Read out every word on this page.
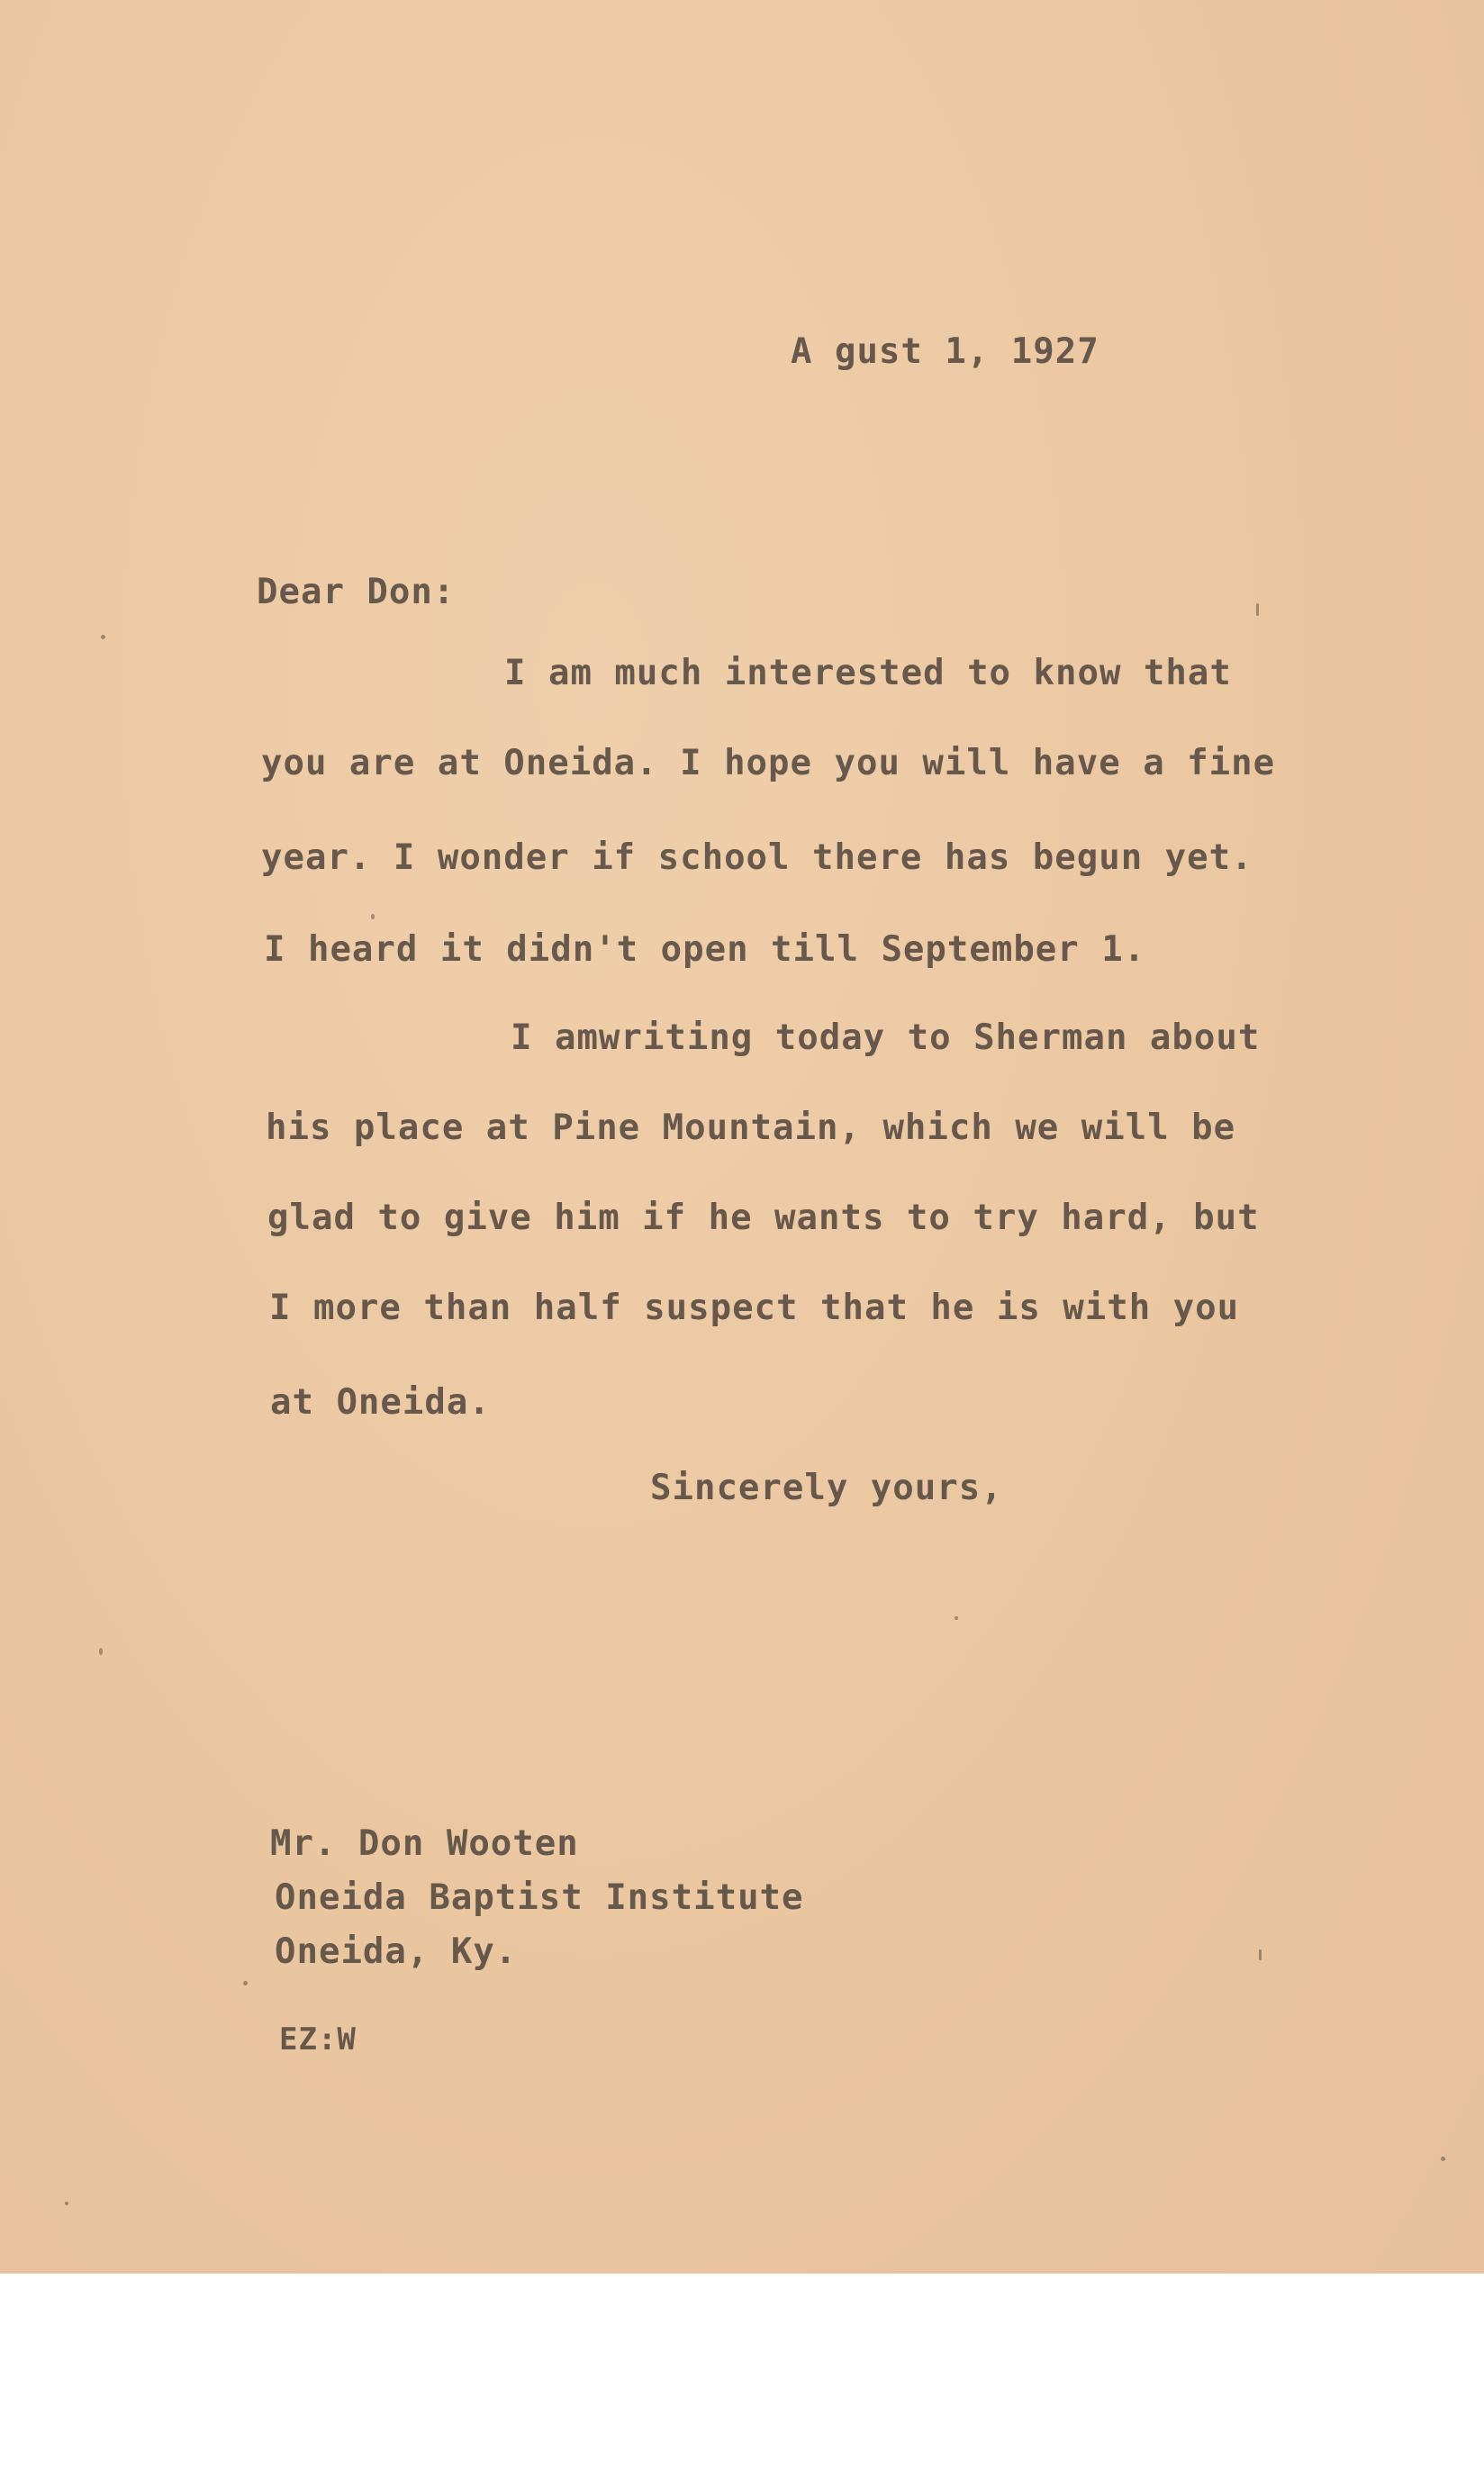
A gust 1, 1927
Dear Don:
I am much interested to know that
you are at Oneida. I hope you will have a fine
year. I wonder if school there has begun yet.
I heard it didn't open till September 1.
I amwriting today to Sherman about
his place at Pine Mountain, which we will be
glad to give him if he wants to try hard, but
I more than half suspect that he is with you
at Oneida.
Sincerely yours,
Mr. Don Wooten
Oneida Baptist Institute
Oneida, Ky.
EZ:W
